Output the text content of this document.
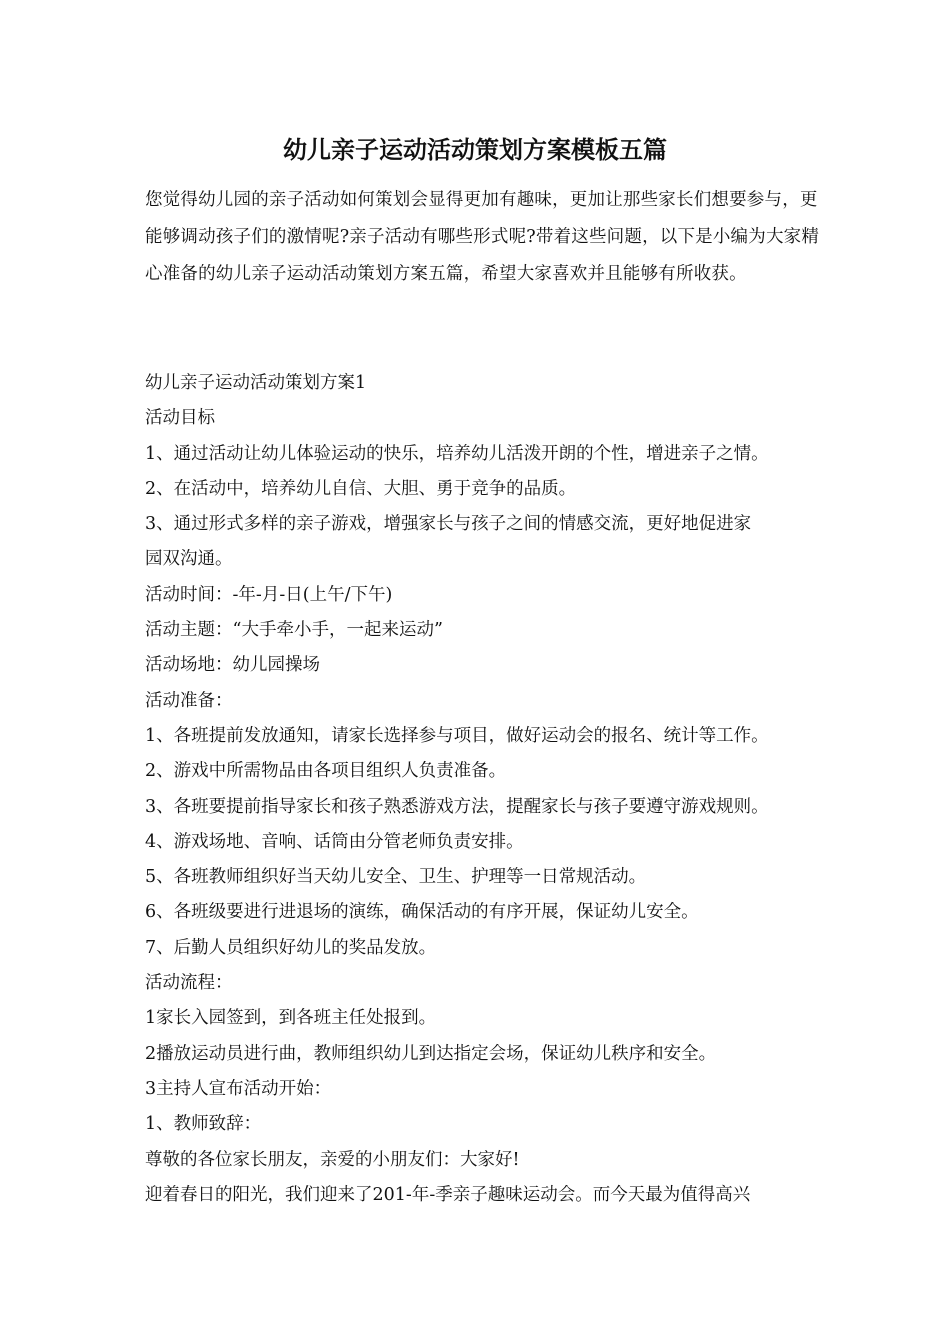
幼儿亲子运动活动策划方案模板五篇

您觉得幼儿园的亲子活动如何策划会显得更加有趣味，更加让那些家长们想要参与，更能够调动孩子们的激情呢?亲子活动有哪些形式呢?带着这些问题，以下是小编为大家精心准备的幼儿亲子运动活动策划方案五篇，希望大家喜欢并且能够有所收获。

幼儿亲子运动活动策划方案1
活动目标
1、通过活动让幼儿体验运动的快乐，培养幼儿活泼开朗的个性，增进亲子之情。
2、在活动中，培养幼儿自信、大胆、勇于竞争的品质。
3、通过形式多样的亲子游戏，增强家长与孩子之间的情感交流，更好地促进家
园双沟通。
活动时间：-年-月-日(上午/下午)
活动主题：“大手牵小手，一起来运动”
活动场地：幼儿园操场
活动准备：
1、各班提前发放通知，请家长选择参与项目，做好运动会的报名、统计等工作。
2、游戏中所需物品由各项目组织人负责准备。
3、各班要提前指导家长和孩子熟悉游戏方法，提醒家长与孩子要遵守游戏规则。
4、游戏场地、音响、话筒由分管老师负责安排。
5、各班教师组织好当天幼儿安全、卫生、护理等一日常规活动。
6、各班级要进行进退场的演练，确保活动的有序开展，保证幼儿安全。
7、后勤人员组织好幼儿的奖品发放。
活动流程：
1家长入园签到，到各班主任处报到。
2播放运动员进行曲，教师组织幼儿到达指定会场，保证幼儿秩序和安全。
3主持人宣布活动开始：
1、教师致辞：
尊敬的各位家长朋友，亲爱的小朋友们：大家好!
迎着春日的阳光，我们迎来了201-年-季亲子趣味运动会。而今天最为值得高兴
